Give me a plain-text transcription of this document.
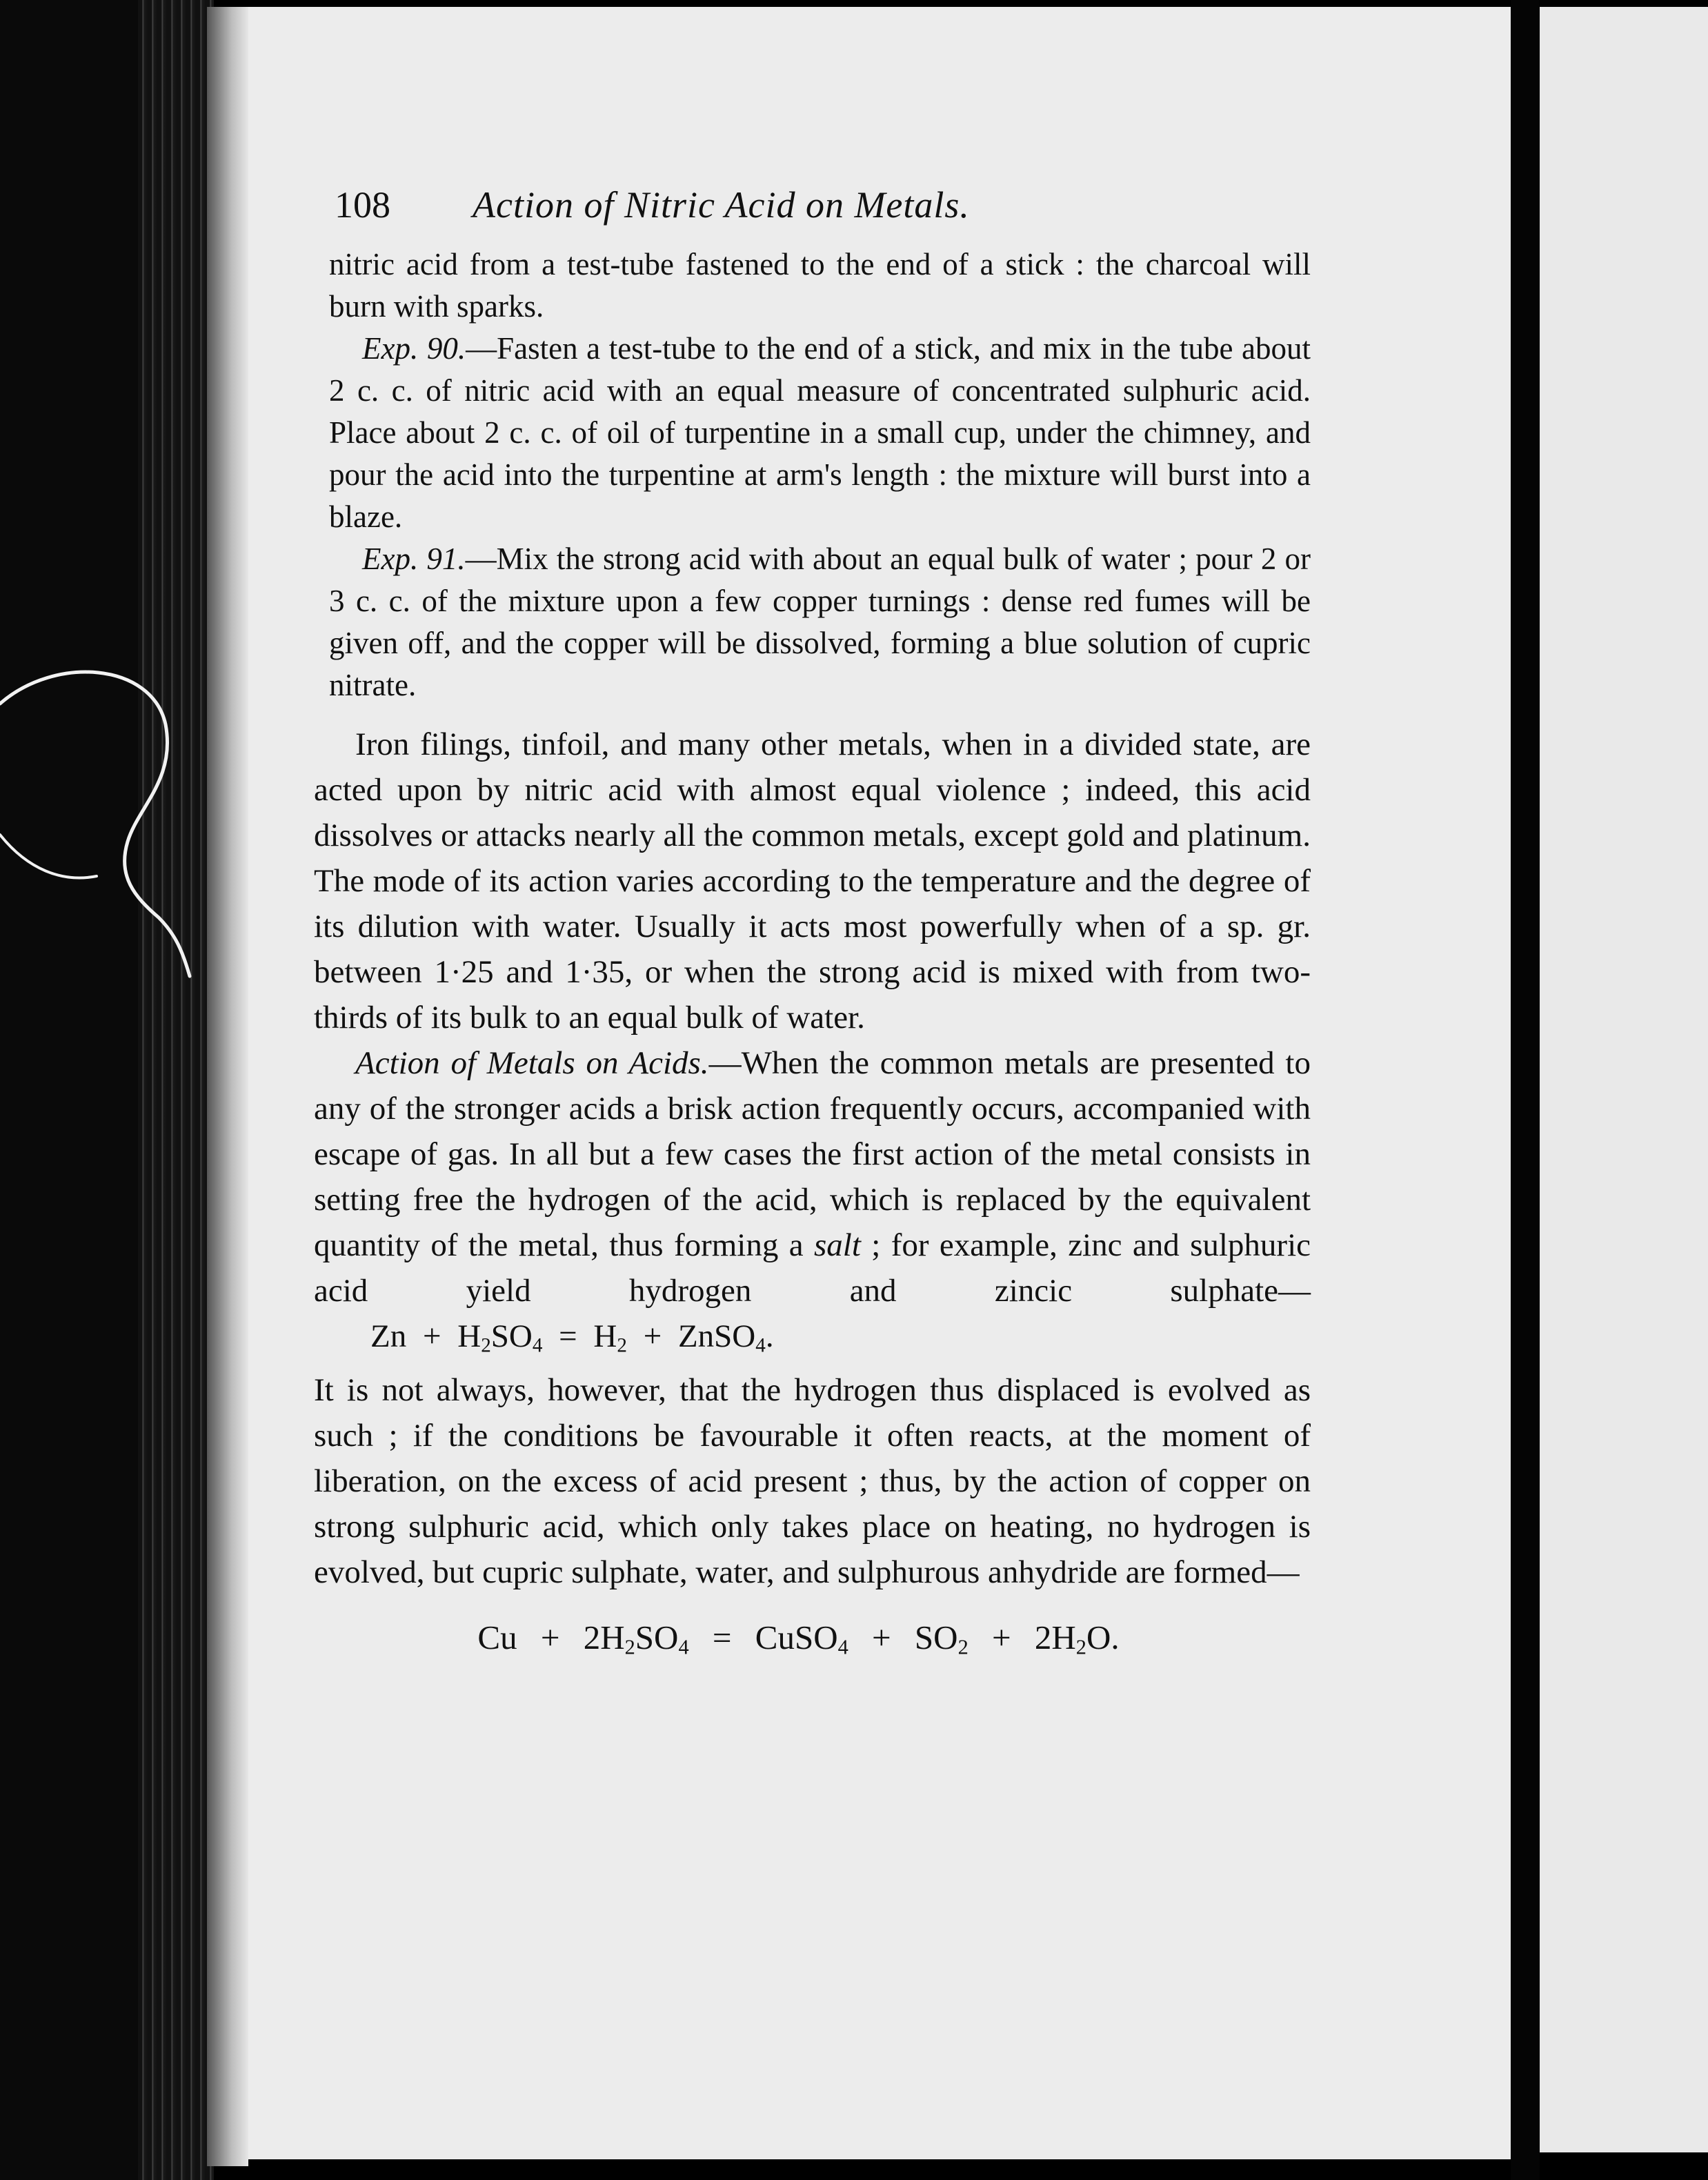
108	Action of Nitric Acid on Metals.

nitric acid from a test-tube fastened to the end of a stick : the charcoal will burn with sparks.

Exp. 90.—Fasten a test-tube to the end of a stick, and mix in the tube about 2 c. c. of nitric acid with an equal measure of concentrated sulphuric acid. Place about 2 c. c. of oil of turpentine in a small cup, under the chimney, and pour the acid into the turpentine at arm's length : the mixture will burst into a blaze.

Exp. 91.—Mix the strong acid with about an equal bulk of water ; pour 2 or 3 c. c. of the mixture upon a few copper turnings : dense red fumes will be given off, and the copper will be dissolved, forming a blue solution of cupric nitrate.

Iron filings, tinfoil, and many other metals, when in a divided state, are acted upon by nitric acid with almost equal violence ; indeed, this acid dissolves or attacks nearly all the common metals, except gold and platinum. The mode of its action varies according to the temperature and the degree of its dilution with water. Usually it acts most powerfully when of a sp. gr. between 1·25 and 1·35, or when the strong acid is mixed with from two-thirds of its bulk to an equal bulk of water.

Action of Metals on Acids.—When the common metals are presented to any of the stronger acids a brisk action frequently occurs, accompanied with escape of gas. In all but a few cases the first action of the metal consists in setting free the hydrogen of the acid, which is replaced by the equivalent quantity of the metal, thus forming a salt ; for example, zinc and sulphuric acid yield hydrogen and zincic sulphate—Zn + $H_2SO_4 = H_2$ + ZnSO$_4$.

It is not always, however, that the hydrogen thus displaced is evolved as such ; if the conditions be favourable it often reacts, at the moment of liberation, on the excess of acid present ; thus, by the action of copper on strong sulphuric acid, which only takes place on heating, no hydrogen is evolved, but cupric sulphate, water, and sulphurous anhydride are formed—

$Cu + 2H_2SO_4$ = CuSO$_4$ + $SO_2 + 2H_2O$.
